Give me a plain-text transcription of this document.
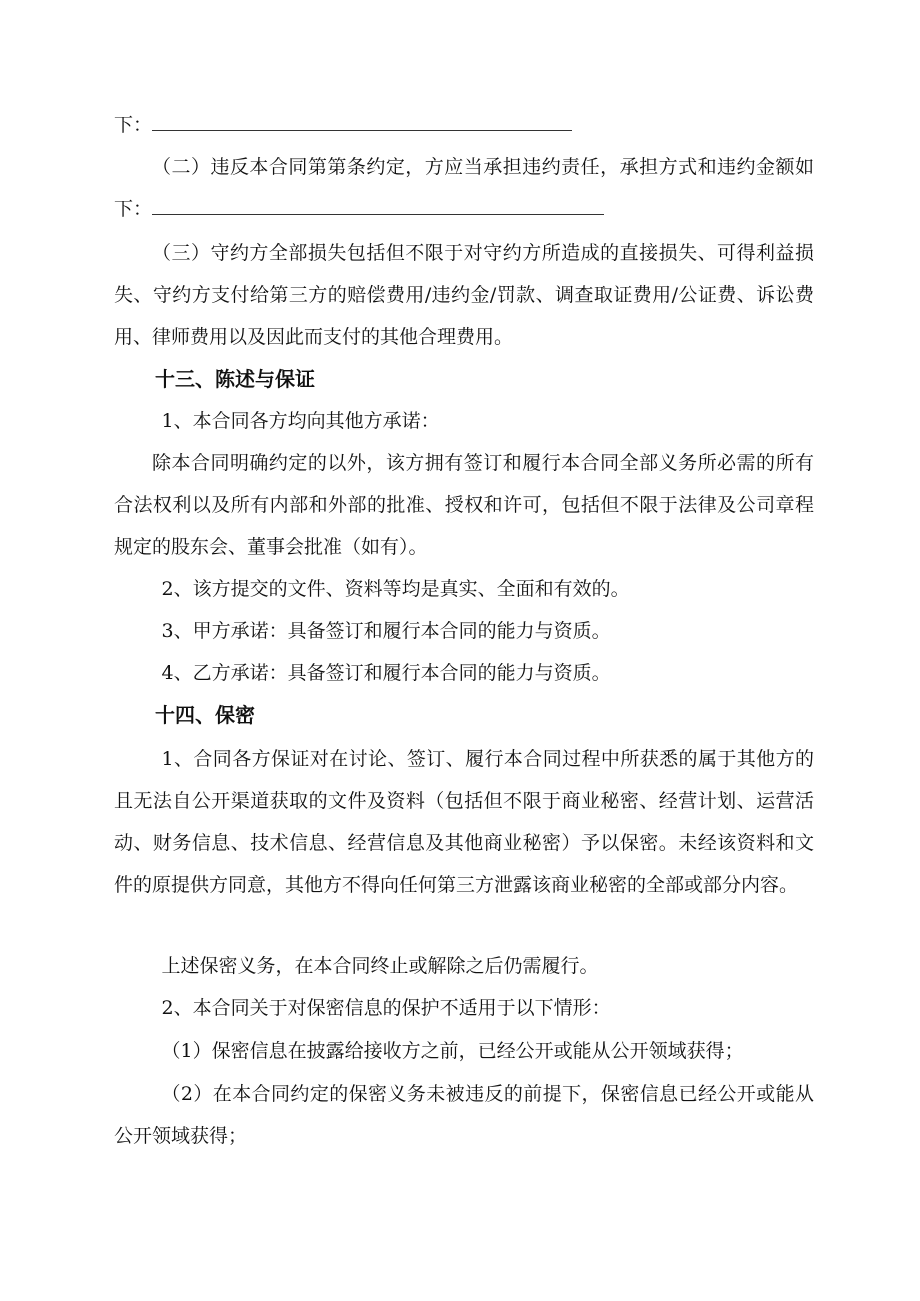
下：

（二）违反本合同第第条约定，方应当承担违约责任，承担方式和违约金额如下：

（三）守约方全部损失包括但不限于对守约方所造成的直接损失、可得利益损失、守约方支付给第三方的赔偿费用/违约金/罚款、调查取证费用/公证费、诉讼费用、律师费用以及因此而支付的其他合理费用。

十三、陈述与保证

1、本合同各方均向其他方承诺：

除本合同明确约定的以外，该方拥有签订和履行本合同全部义务所必需的所有合法权利以及所有内部和外部的批准、授权和许可，包括但不限于法律及公司章程规定的股东会、董事会批准（如有）。

2、该方提交的文件、资料等均是真实、全面和有效的。

3、甲方承诺：具备签订和履行本合同的能力与资质。

4、乙方承诺：具备签订和履行本合同的能力与资质。

十四、保密

1、合同各方保证对在讨论、签订、履行本合同过程中所获悉的属于其他方的且无法自公开渠道获取的文件及资料（包括但不限于商业秘密、经营计划、运营活动、财务信息、技术信息、经营信息及其他商业秘密）予以保密。未经该资料和文件的原提供方同意，其他方不得向任何第三方泄露该商业秘密的全部或部分内容。

上述保密义务，在本合同终止或解除之后仍需履行。

2、本合同关于对保密信息的保护不适用于以下情形：

（1）保密信息在披露给接收方之前，已经公开或能从公开领域获得；

（2）在本合同约定的保密义务未被违反的前提下，保密信息已经公开或能从公开领域获得；
